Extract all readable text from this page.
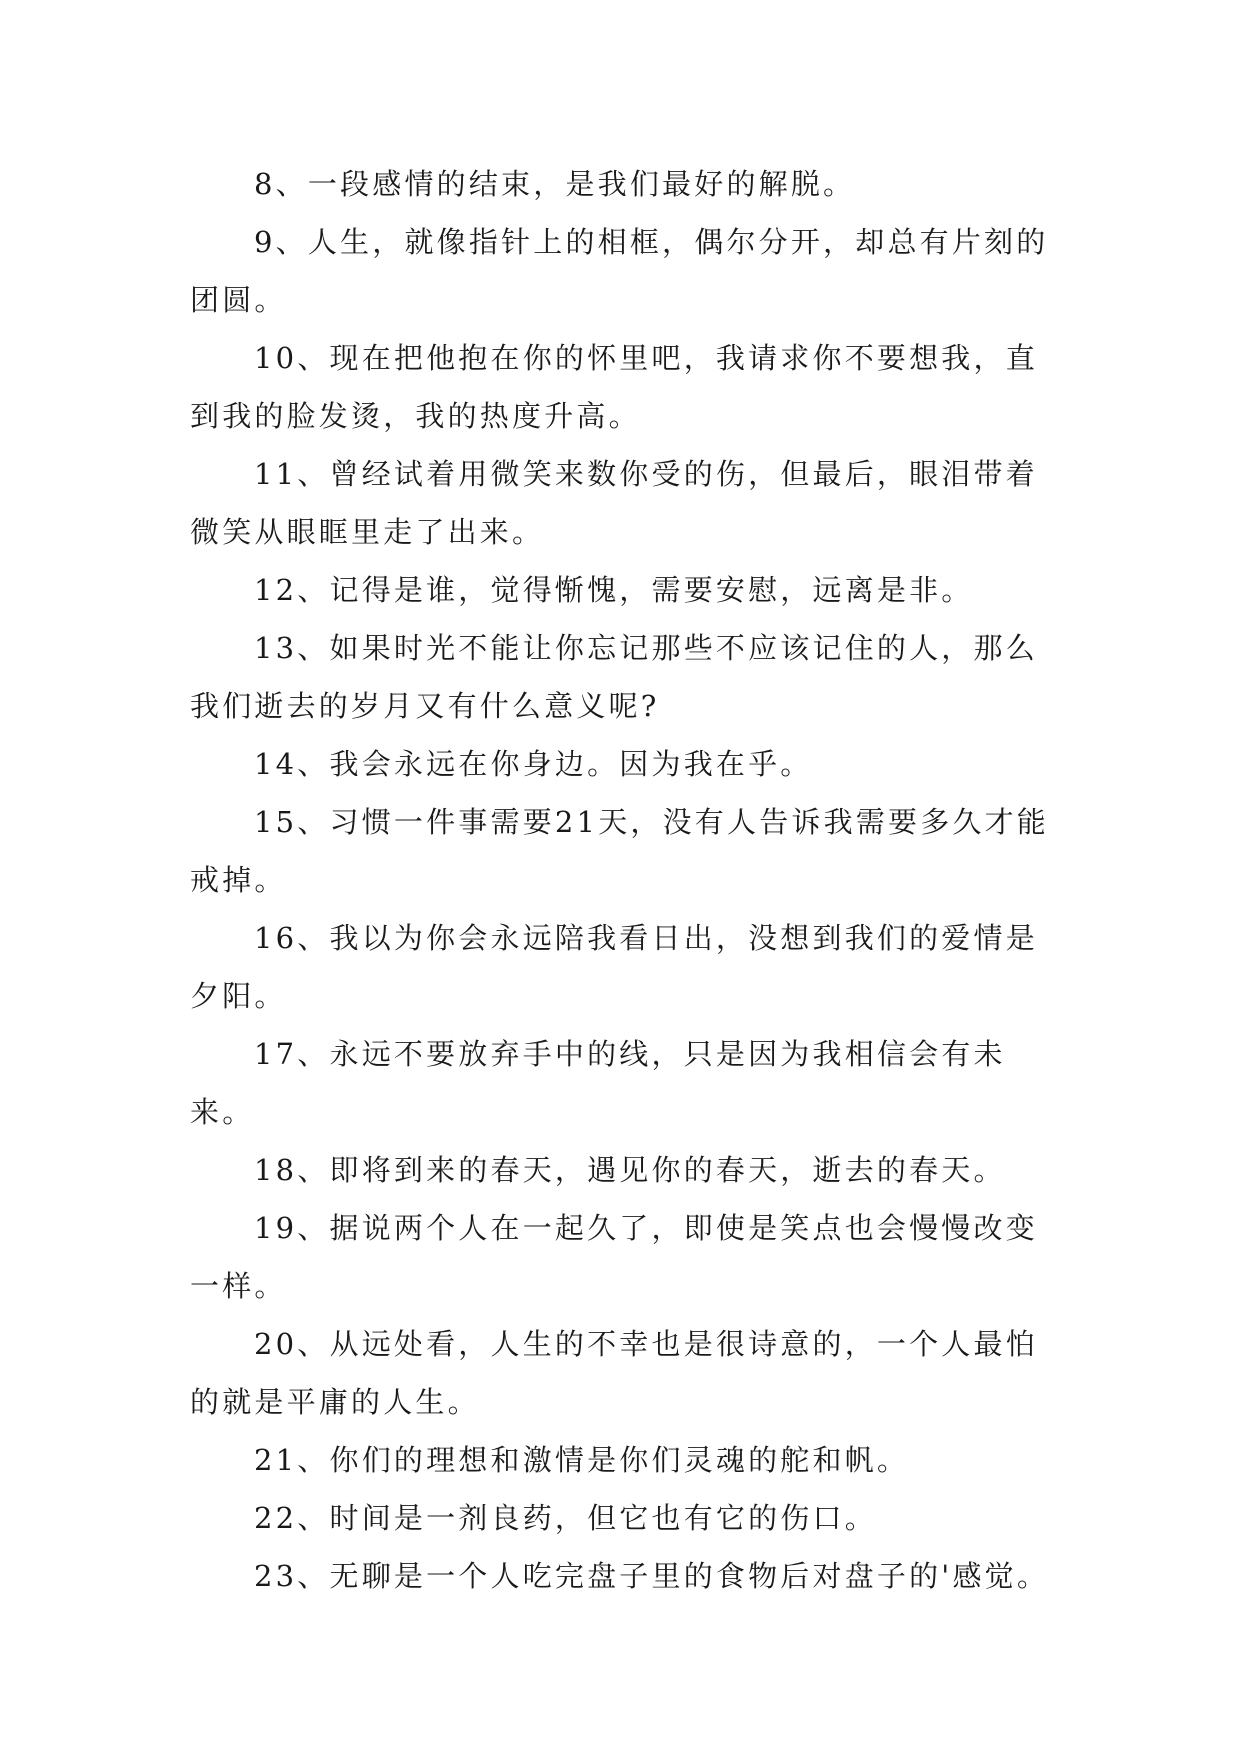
8、一段感情的结束，是我们最好的解脱。

9、人生，就像指针上的相框，偶尔分开，却总有片刻的团圆。

10、现在把他抱在你的怀里吧，我请求你不要想我，直到我的脸发烫，我的热度升高。

11、曾经试着用微笑来数你受的伤，但最后，眼泪带着微笑从眼眶里走了出来。

12、记得是谁，觉得惭愧，需要安慰，远离是非。

13、如果时光不能让你忘记那些不应该记住的人，那么我们逝去的岁月又有什么意义呢?

14、我会永远在你身边。因为我在乎。

15、习惯一件事需要21天，没有人告诉我需要多久才能戒掉。

16、我以为你会永远陪我看日出，没想到我们的爱情是夕阳。

17、永远不要放弃手中的线，只是因为我相信会有未来。

18、即将到来的春天，遇见你的春天，逝去的春天。

19、据说两个人在一起久了，即使是笑点也会慢慢改变一样。

20、从远处看，人生的不幸也是很诗意的，一个人最怕的就是平庸的人生。

21、你们的理想和激情是你们灵魂的舵和帆。

22、时间是一剂良药，但它也有它的伤口。

23、无聊是一个人吃完盘子里的食物后对盘子的'感觉。
